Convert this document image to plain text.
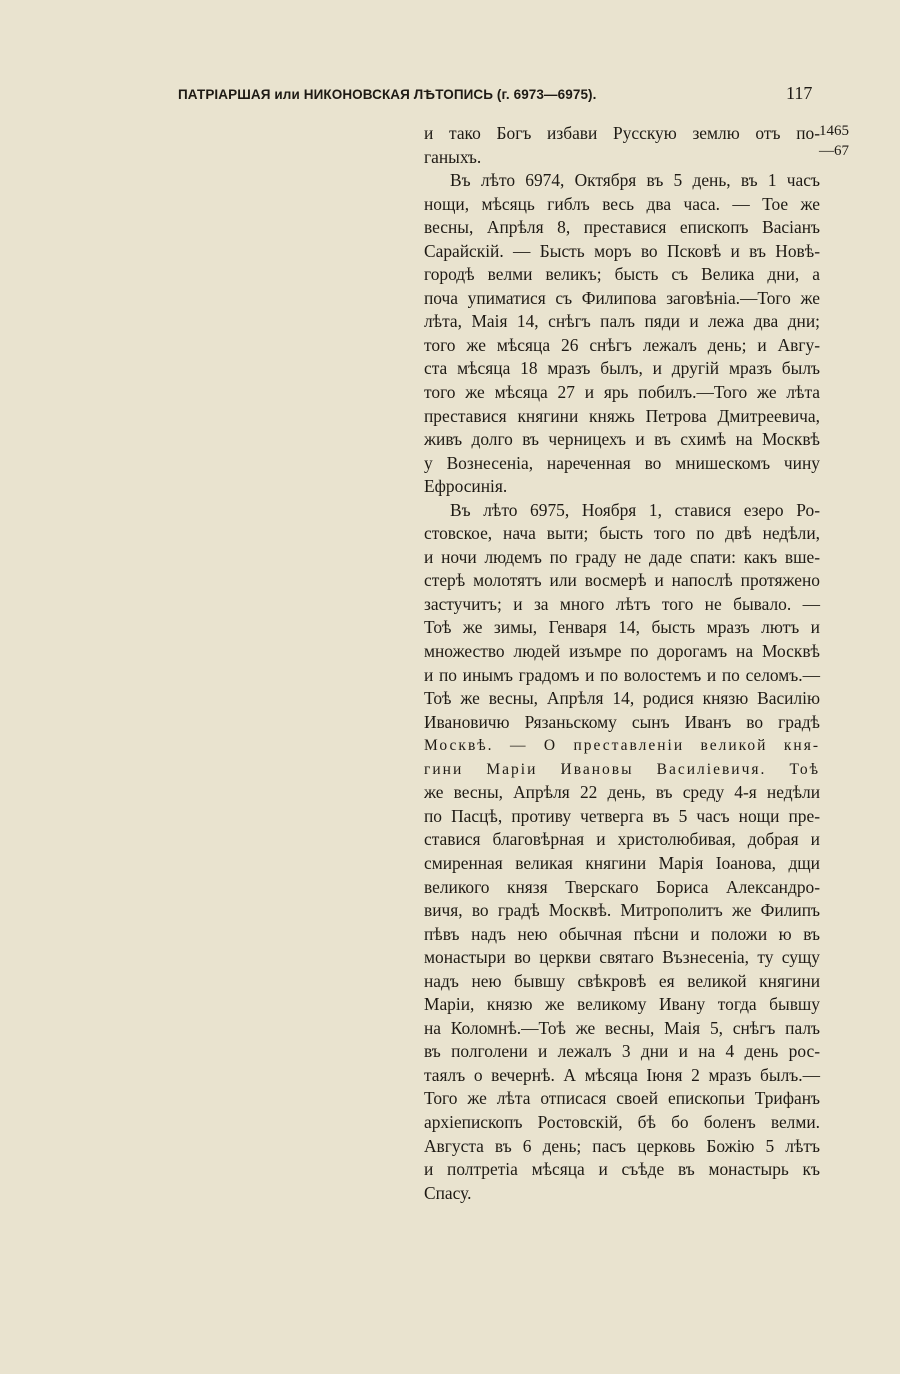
ПАТРІАРШАЯ или НИКОНОВСКАЯ ЛѢТОПИСЬ (г. 6973—6975).	117
1465
—67
и тако Богъ избави Русскую землю отъ по-
ганыхъ.
Въ лѣто 6974, Октября въ 5 день, въ 1 часъ
нощи, мѣсяць гиблъ весь два часа. — Тое же
весны, Апрѣля 8, преставися епископъ Васіанъ
Сарайскій. — Бысть моръ во Псковѣ и въ Новѣ-
городѣ велми великъ; бысть съ Велика дни, а
поча упиматися съ Филипова заговѣніа.—Того же
лѣта, Маія 14, снѣгъ палъ пяди и лежа два дни;
того же мѣсяца 26 снѣгъ лежалъ день; и Авгу-
ста мѣсяца 18 мразъ былъ, и другій мразъ былъ
того же мѣсяца 27 и ярь побилъ.—Того же лѣта
преставися княгини княжь Петрова Дмитреевича,
живъ долго въ черницехъ и въ схимѣ на Москвѣ
у Вознесеніа, нареченная во мнишескомъ чину
Ефросинія.
Въ лѣто 6975, Ноября 1, ставися езеро Ро-
стовское, нача выти; бысть того по двѣ недѣли,
и ночи людемъ по граду не даде спати: какъ вше-
стерѣ молотятъ или восмерѣ и напослѣ протяжено
застучитъ; и за много лѣтъ того не бывало. —
Тоѣ же зимы, Генваря 14, бысть мразъ лютъ и
множество людей изъмре по дорогамъ на Москвѣ
и по инымъ градомъ и по волостемъ и по селомъ.—
Тоѣ же весны, Апрѣля 14, родися князю Василію
Ивановичю Рязаньскому сынъ Иванъ во градѣ
Москвѣ. — О преставленіи великой кня-
гини Маріи Ивановы Василіевичя. Тоѣ
же весны, Апрѣля 22 день, въ среду 4-я недѣли
по Пасцѣ, противу четверга въ 5 часъ нощи пре-
ставися благовѣрная и христолюбивая, добрая и
смиренная великая княгини Марія Іоанова, дщи
великого князя Тверскаго Бориса Александро-
вичя, во градѣ Москвѣ. Митрополитъ же Филипъ
пѣвъ надъ нею обычная пѣсни и положи ю въ
монастыри во церкви святаго Възнесеніа, ту сущу
надъ нею бывшу свѣкровѣ ея великой княгини
Маріи, князю же великому Ивану тогда бывшу
на Коломнѣ.—Тоѣ же весны, Маія 5, снѣгъ палъ
въ полголени и лежалъ 3 дни и на 4 день рос-
таялъ о вечернѣ. А мѣсяца Іюня 2 мразъ былъ.—
Того же лѣта отписася своей епископьи Трифанъ
архіепископъ Ростовскій, бѣ бо боленъ велми.
Августа въ 6 день; пасъ церковь Божію 5 лѣтъ
и полтретіа мѣсяца и съѣде въ монастырь къ
Спасу.
